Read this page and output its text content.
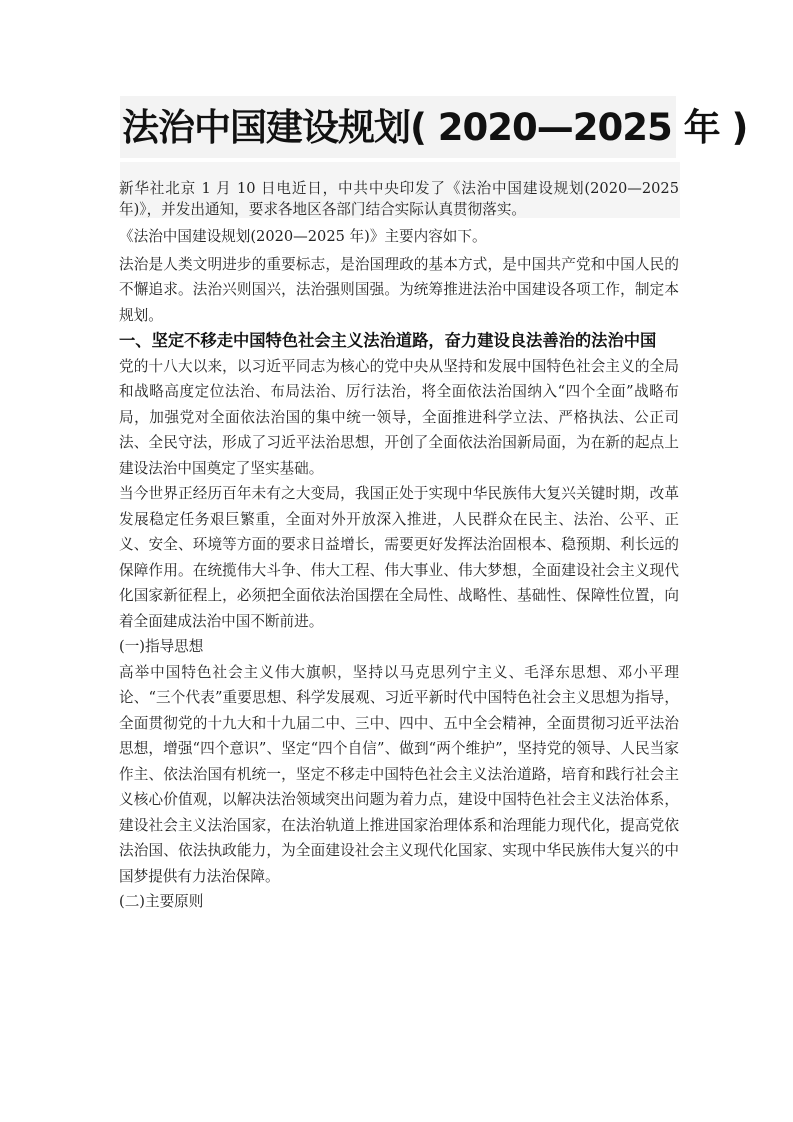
法治中国建设规划( 2020—2025 年 )

新华社北京 1 月 10 日电近日，中共中央印发了《法治中国建设规划(2020—2025年)》，并发出通知，要求各地区各部门结合实际认真贯彻落实。

《法治中国建设规划(2020—2025 年)》主要内容如下。

法治是人类文明进步的重要标志，是治国理政的基本方式，是中国共产党和中国人民的不懈追求。法治兴则国兴，法治强则国强。为统筹推进法治中国建设各项工作，制定本规划。

一、坚定不移走中国特色社会主义法治道路，奋力建设良法善治的法治中国

党的十八大以来，以习近平同志为核心的党中央从坚持和发展中国特色社会主义的全局和战略高度定位法治、布局法治、厉行法治，将全面依法治国纳入“四个全面”战略布局，加强党对全面依法治国的集中统一领导，全面推进科学立法、严格执法、公正司法、全民守法，形成了习近平法治思想，开创了全面依法治国新局面，为在新的起点上建设法治中国奠定了坚实基础。

当今世界正经历百年未有之大变局，我国正处于实现中华民族伟大复兴关键时期，改革发展稳定任务艰巨繁重，全面对外开放深入推进，人民群众在民主、法治、公平、正义、安全、环境等方面的要求日益增长，需要更好发挥法治固根本、稳预期、利长远的保障作用。在统揽伟大斗争、伟大工程、伟大事业、伟大梦想，全面建设社会主义现代化国家新征程上，必须把全面依法治国摆在全局性、战略性、基础性、保障性位置，向着全面建成法治中国不断前进。

(一)指导思想

高举中国特色社会主义伟大旗帜，坚持以马克思列宁主义、毛泽东思想、邓小平理论、“三个代表”重要思想、科学发展观、习近平新时代中国特色社会主义思想为指导，全面贯彻党的十九大和十九届二中、三中、四中、五中全会精神，全面贯彻习近平法治思想，增强“四个意识”、坚定“四个自信”、做到“两个维护”，坚持党的领导、人民当家作主、依法治国有机统一，坚定不移走中国特色社会主义法治道路，培育和践行社会主义核心价值观，以解决法治领域突出问题为着力点，建设中国特色社会主义法治体系，建设社会主义法治国家，在法治轨道上推进国家治理体系和治理能力现代化，提高党依法治国、依法执政能力，为全面建设社会主义现代化国家、实现中华民族伟大复兴的中国梦提供有力法治保障。

(二)主要原则
